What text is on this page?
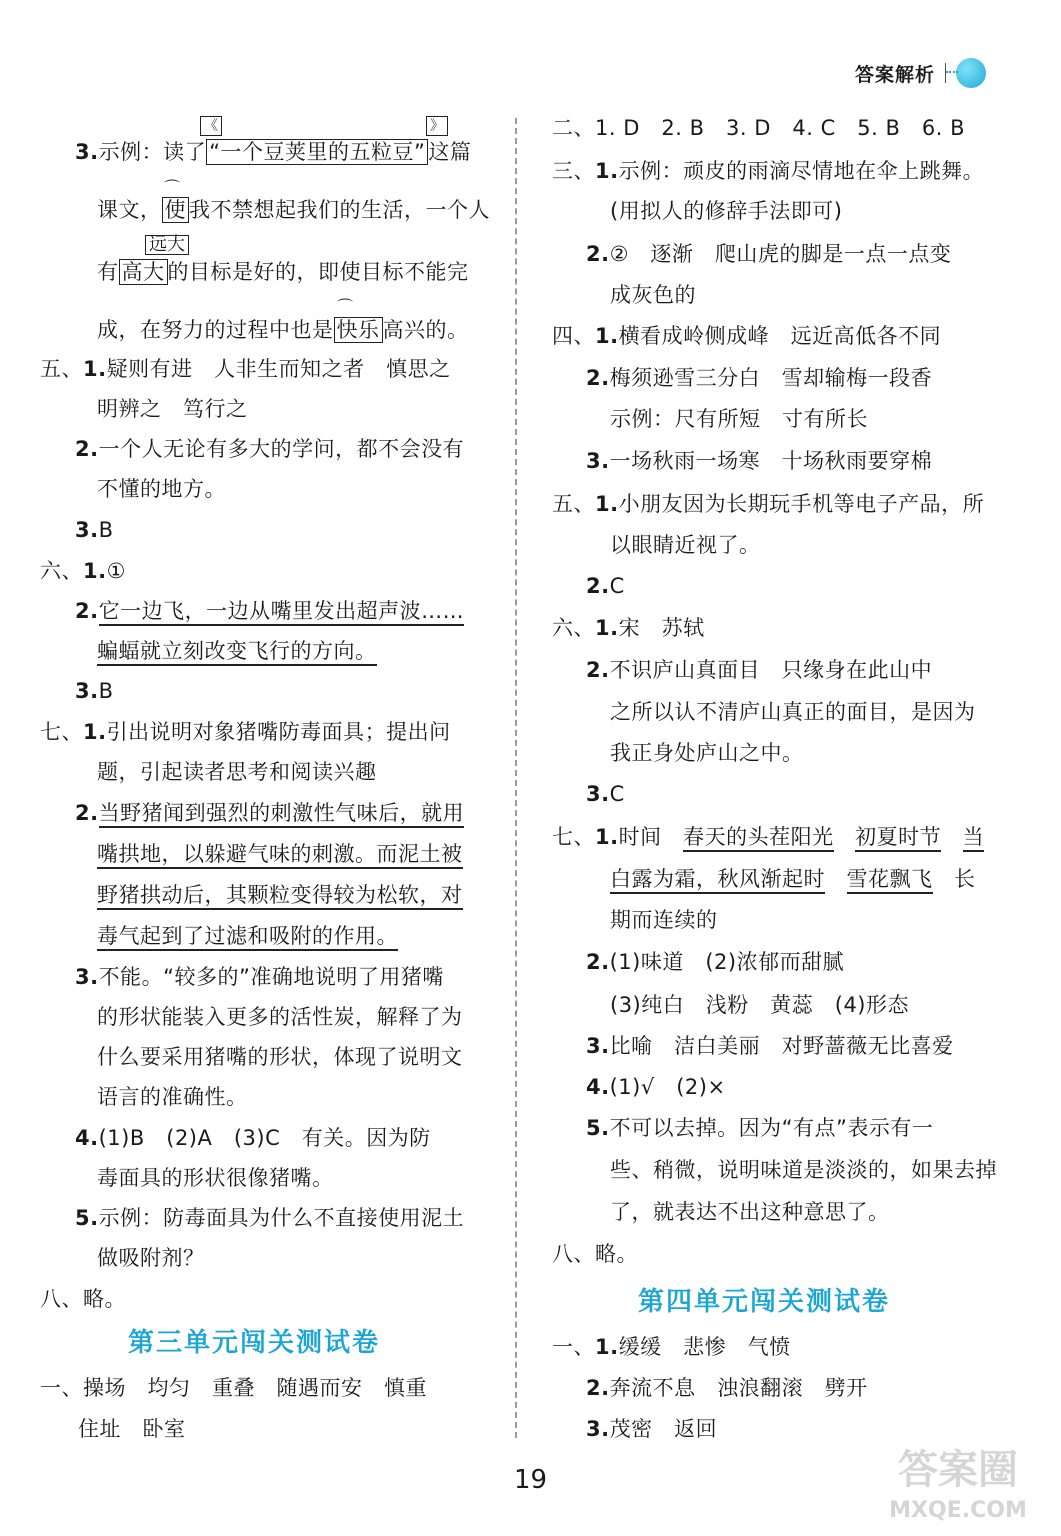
答案解析
《	》
3.示例：读了 “一个豆荚里的五粒豆” 这篇
⌒
课文， 使 我不禁想起我们的生活，一个人
远大
有 高大 的目标是好的，即使目标不能完
⌒
成，在努力的过程中也是 快乐 高兴的。
五、1.疑则有进　人非生而知之者　慎思之
明辨之　笃行之
2.一个人无论有多大的学问，都不会没有
不懂的地方。
3.B
六、1.①
2.它一边飞，一边从嘴里发出超声波……
蝙蝠就立刻改变飞行的方向。
3.B
七、1.引出说明对象猪嘴防毒面具；提出问
题，引起读者思考和阅读兴趣
2.当野猪闻到强烈的刺激性气味后，就用
嘴拱地，以躲避气味的刺激。而泥土被
野猪拱动后，其颗粒变得较为松软，对
毒气起到了过滤和吸附的作用。
3.不能。“较多的”准确地说明了用猪嘴
的形状能装入更多的活性炭，解释了为
什么要采用猪嘴的形状，体现了说明文
语言的准确性。
4.(1)B　(2)A　(3)C　有关。因为防
毒面具的形状很像猪嘴。
5.示例：防毒面具为什么不直接使用泥土
做吸附剂？
八、略。
第三单元闯关测试卷
一、操场　均匀　重叠　随遇而安　慎重
住址　卧室
二、1. D　2. B　3. D　4. C　5. B　6. B
三、1.示例：顽皮的雨滴尽情地在伞上跳舞。
(用拟人的修辞手法即可)
2.②　逐渐　爬山虎的脚是一点一点变
成灰色的
四、1.横看成岭侧成峰　远近高低各不同
2.梅须逊雪三分白　雪却输梅一段香
示例：尺有所短　寸有所长
3.一场秋雨一场寒　十场秋雨要穿棉
五、1.小朋友因为长期玩手机等电子产品，所
以眼睛近视了。
2.C
六、1.宋　苏轼
2.不识庐山真面目　只缘身在此山中
之所以认不清庐山真正的面目，是因为
我正身处庐山之中。
3.C
七、1.时间　 春天的头茬阳光　 初夏时节　 当
白露为霜，秋风渐起时　 雪花飘飞　 长
期而连续的
2.(1)味道　(2)浓郁而甜腻
(3)纯白　浅粉　黄蕊　(4)形态
3.比喻　洁白美丽　对野蔷薇无比喜爱
4.(1)√　(2)×
5.不可以去掉。因为“有点”表示有一
些、稍微，说明味道是淡淡的，如果去掉
了，就表达不出这种意思了。
八、略。
第四单元闯关测试卷
一、1.缓缓　悲惨　气愤
2.奔流不息　浊浪翻滚　劈开
3.茂密　返回
19	答案圈
MXQE.COM
